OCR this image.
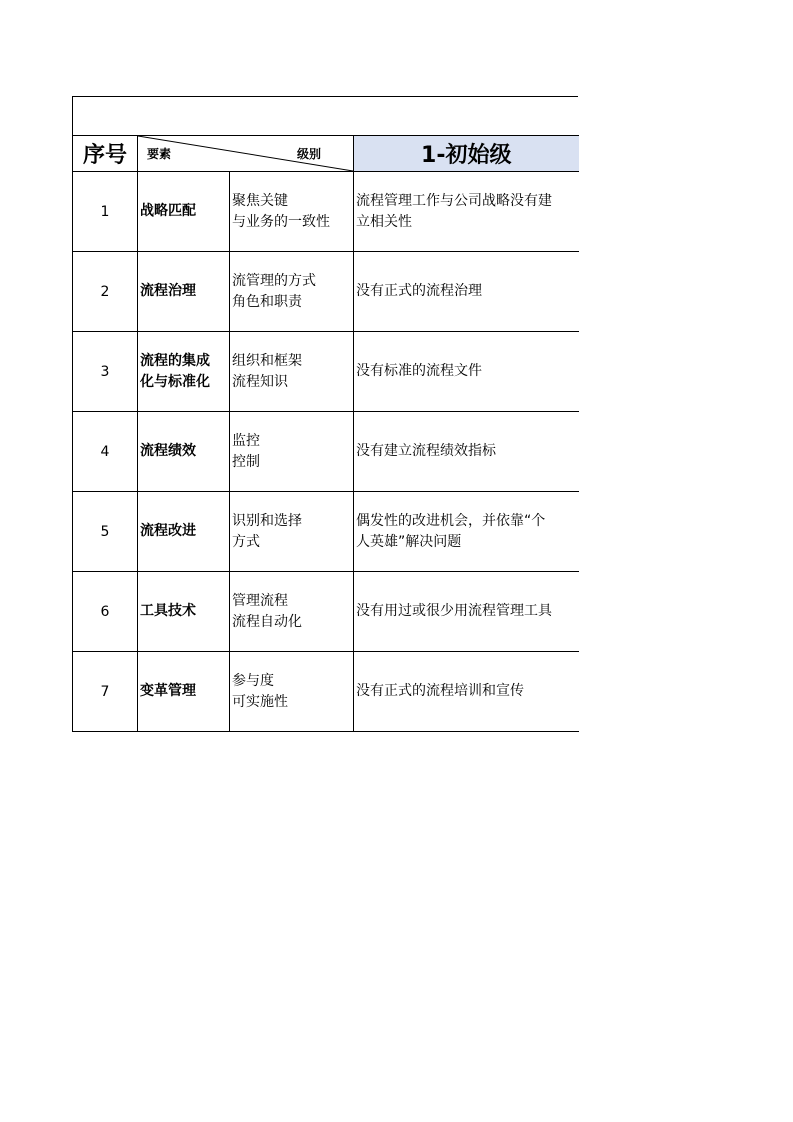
序号	要素 级别		1-初始级
1	战略匹配	聚焦关键
与业务的一致性	流程管理工作与公司战略没有建
立相关性

2	流程治理	流管理的方式
角色和职责	没有正式的流程治理

3	流程的集成
化与标准化	组织和框架
流程知识	没有标准的流程文件

4	流程绩效	监控
控制	没有建立流程绩效指标

5	流程改进	识别和选择
方式	偶发性的改进机会，并依靠“个
人英雄”解决问题

6	工具技术	管理流程
流程自动化	没有用过或很少用流程管理工具

7	变革管理	参与度
可实施性	没有正式的流程培训和宣传
